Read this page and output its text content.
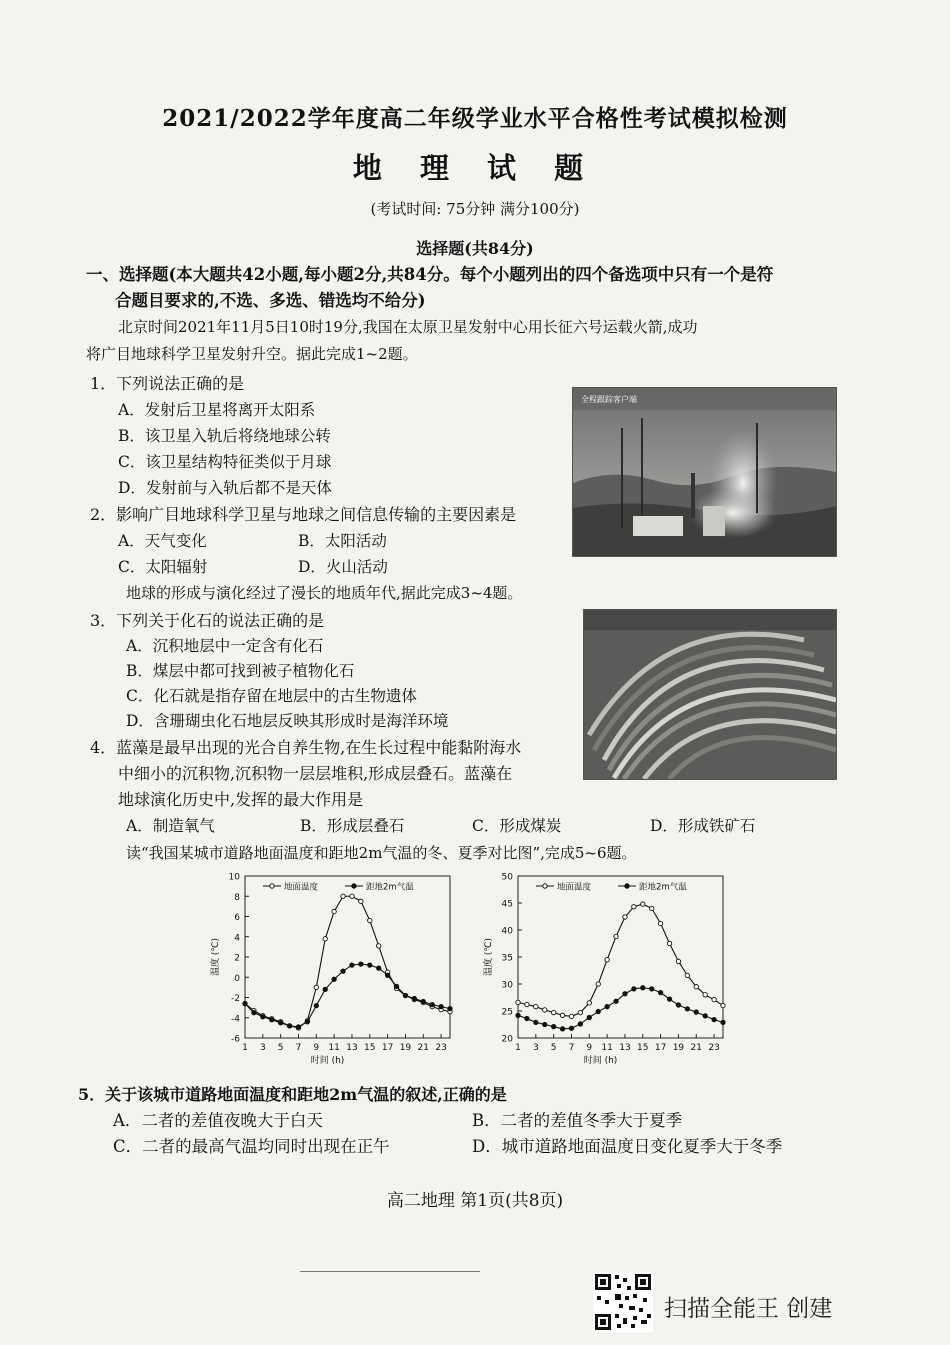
2021/2022学年度高二年级学业水平合格性考试模拟检测
地 理 试 题
(考试时间: 75分钟 满分100分)
选择题(共84分)
一、选择题(本大题共42小题,每小题2分,共84分。每个小题列出的四个备选项中只有一个是符
合题目要求的,不选、多选、错选均不给分)
北京时间2021年11月5日10时19分,我国在太原卫星发射中心用长征六号运载火箭,成功
将广目地球科学卫星发射升空。据此完成1~2题。
1．下列说法正确的是
A．发射后卫星将离开太阳系
B．该卫星入轨后将绕地球公转
C．该卫星结构特征类似于月球
D．发射前与入轨后都不是天体
全程跟踪客户端
2．影响广目地球科学卫星与地球之间信息传输的主要因素是
A．天气变化	B．太阳活动
C．太阳辐射	D．火山活动
地球的形成与演化经过了漫长的地质年代,据此完成3~4题。
3．下列关于化石的说法正确的是
A．沉积地层中一定含有化石
B．煤层中都可找到被子植物化石
C．化石就是指存留在地层中的古生物遗体
D．含珊瑚虫化石地层反映其形成时是海洋环境
4．蓝藻是最早出现的光合自养生物,在生长过程中能黏附海水
中细小的沉积物,沉积物一层层堆积,形成层叠石。蓝藻在
地球演化历史中,发挥的最大作用是
A．制造氧气	B．形成层叠石	C．形成煤炭	D．形成铁矿石
读“我国某城市道路地面温度和距地2m气温的冬、夏季对比图”,完成5~6题。
10
8
6
4
2
0
-2
-4
-6
1 3 5 7 9 11 13 15 17 19 21 23
时间 (h)
温度 (℃)
地面温度	距地2m气温
50
45
40
35
30
25
20
1 3 5 7 9 11 13 15 17 19 21 23
时间 (h)
温度 (℃)
地面温度	距地2m气温
5．关于该城市道路地面温度和距地2m气温的叙述,正确的是
A．二者的差值夜晚大于白天	B．二者的差值冬季大于夏季
C．二者的最高气温均同时出现在正午	D．城市道路地面温度日变化夏季大于冬季
高二地理 第1页(共8页)
扫描全能王 创建
